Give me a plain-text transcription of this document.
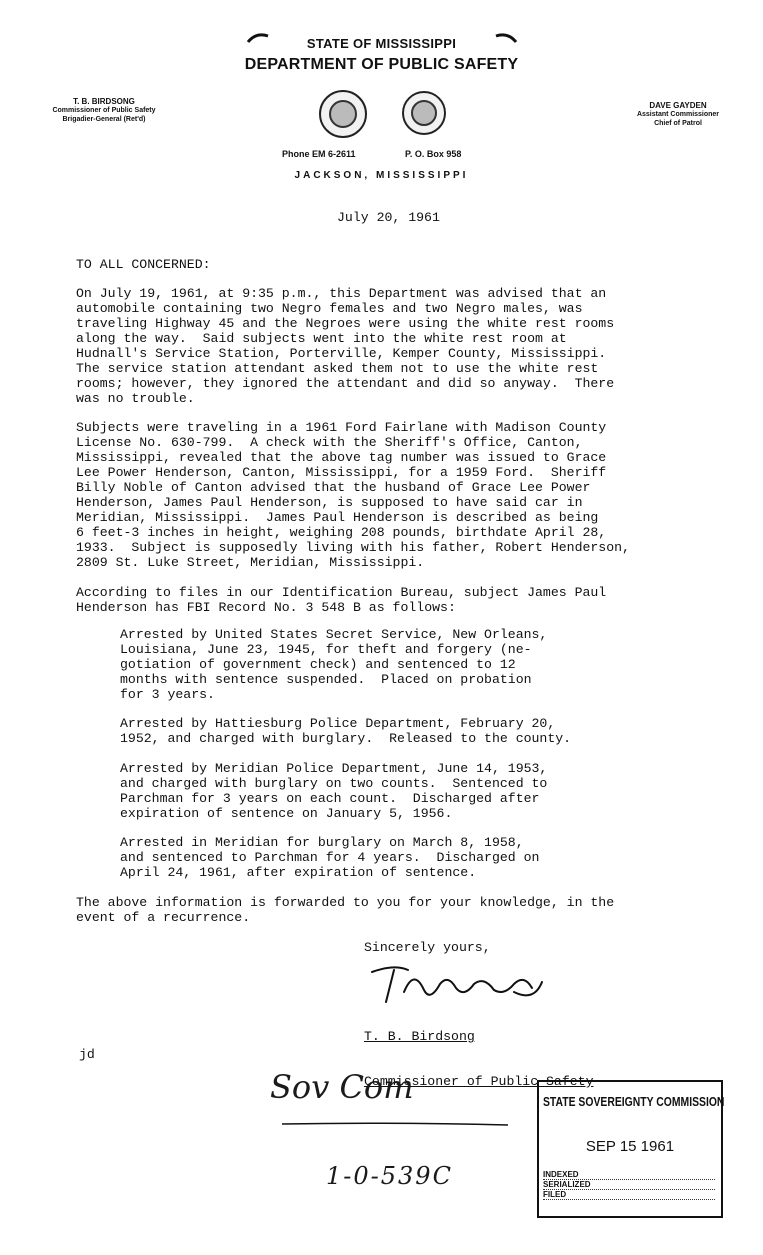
STATE OF MISSISSIPPI
DEPARTMENT OF PUBLIC SAFETY
T. B. BIRDSONG
Commissioner of Public Safety
Brigadier-General (Ret'd)
DAVE GAYDEN
Assistant Commissioner
Chief of Patrol
Phone EM 6-2611	P. O. Box 958
JACKSON, MISSISSIPPI
July 20, 1961
TO ALL CONCERNED:
On July 19, 1961, at 9:35 p.m., this Department was advised that an
automobile containing two Negro females and two Negro males, was
traveling Highway 45 and the Negroes were using the white rest rooms
along the way.  Said subjects went into the white rest room at
Hudnall's Service Station, Porterville, Kemper County, Mississippi.
The service station attendant asked them not to use the white rest
rooms; however, they ignored the attendant and did so anyway.  There
was no trouble.
Subjects were traveling in a 1961 Ford Fairlane with Madison County
License No. 630-799.  A check with the Sheriff's Office, Canton,
Mississippi, revealed that the above tag number was issued to Grace
Lee Power Henderson, Canton, Mississippi, for a 1959 Ford.  Sheriff
Billy Noble of Canton advised that the husband of Grace Lee Power
Henderson, James Paul Henderson, is supposed to have said car in
Meridian, Mississippi.  James Paul Henderson is described as being
6 feet-3 inches in height, weighing 208 pounds, birthdate April 28,
1933.  Subject is supposedly living with his father, Robert Henderson,
2809 St. Luke Street, Meridian, Mississippi.
According to files in our Identification Bureau, subject James Paul
Henderson has FBI Record No. 3 548 B as follows:
Arrested by United States Secret Service, New Orleans,
Louisiana, June 23, 1945, for theft and forgery (ne-
gotiation of government check) and sentenced to 12
months with sentence suspended.  Placed on probation
for 3 years.
Arrested by Hattiesburg Police Department, February 20,
1952, and charged with burglary.  Released to the county.
Arrested by Meridian Police Department, June 14, 1953,
and charged with burglary on two counts.  Sentenced to
Parchman for 3 years on each count.  Discharged after
expiration of sentence on January 5, 1956.
Arrested in Meridian for burglary on March 8, 1958,
and sentenced to Parchman for 4 years.  Discharged on
April 24, 1961, after expiration of sentence.
The above information is forwarded to you for your knowledge, in the
event of a recurrence.
Sincerely yours,

T. B. Birdsong

Commissioner of Public Safety

jd
Sov Com
1-0-539C
STATE SOVEREIGNTY COMMISSION
SEP 15 1961
INDEXED
SERIALIZED
FILED
